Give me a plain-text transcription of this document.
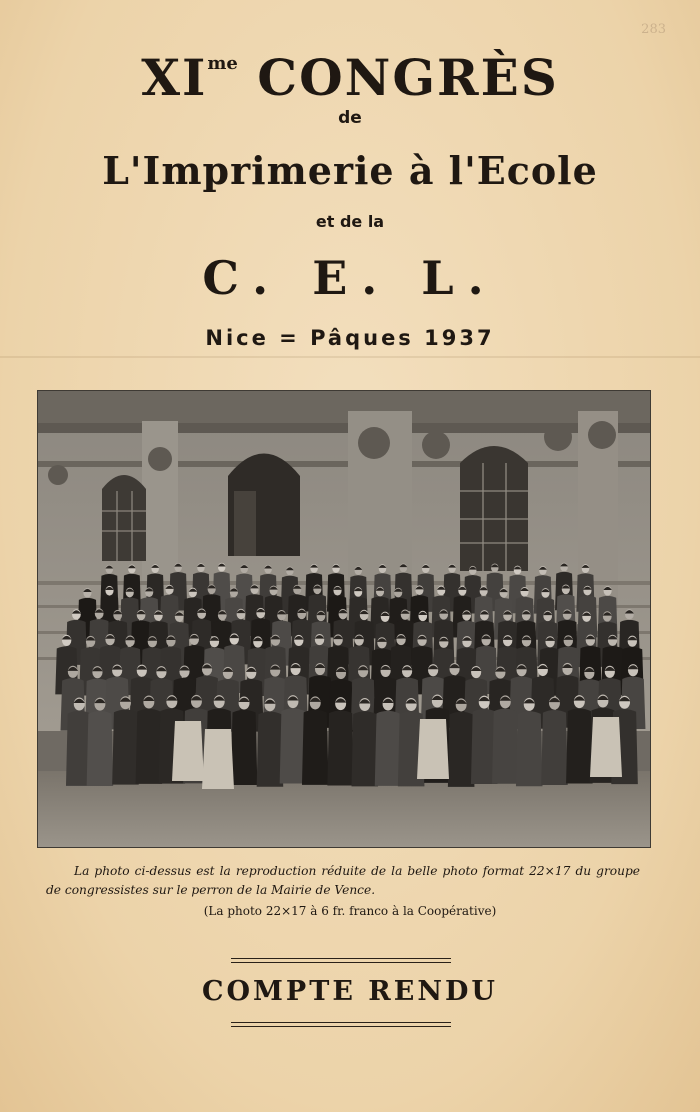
283
$XI^{me}$ CONGRÈS
de
L'Imprimerie à l'Ecole
et de la
C. E. L.
Nice = Pâques 1937
La photo ci-dessus est la reproduction réduite de la belle photo format 22×17 du groupe de congressistes sur le perron de la Mairie de Vence.
(La photo 22×17 à 6 fr. franco à la Coopérative)
COMPTE RENDU
